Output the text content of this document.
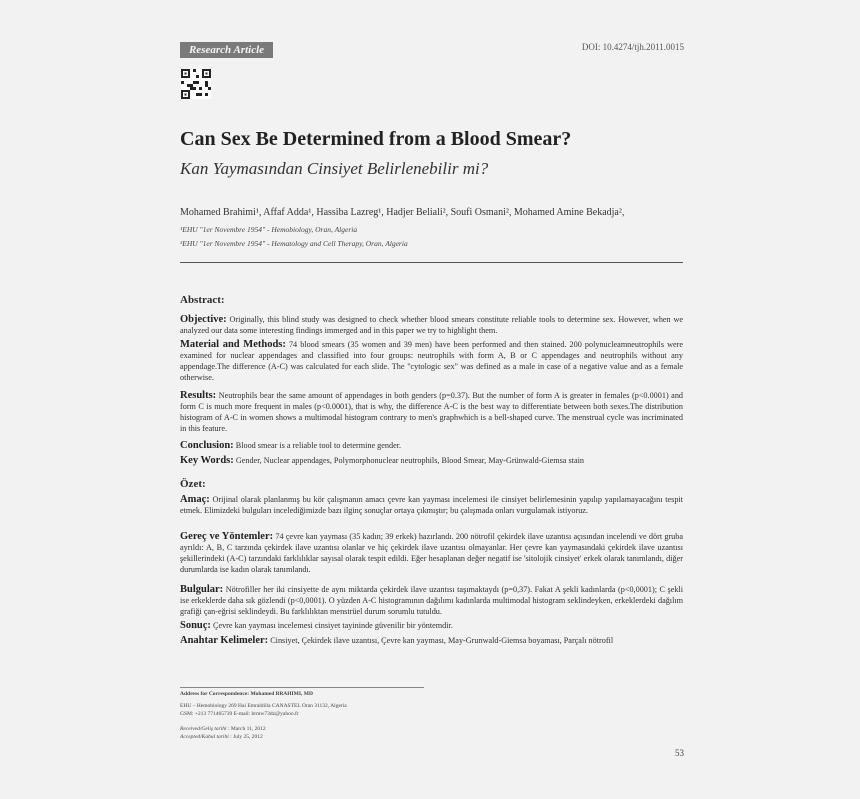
Research Article	DOI: 10.4274/tjh.2011.0015
Can Sex Be Determined from a Blood Smear?
Kan Yaymasından Cinsiyet Belirlenebilir mi?
Mohamed Brahimi¹, Affaf Adda¹, Hassiba Lazreg¹, Hadjer Beliali², Soufi Osmani², Mohamed Amine Bekadja²,
¹EHU "1er Novembre 1954" - Hemobiology, Oran, Algeria
²EHU "1er Novembre 1954" - Hematology and Cell Therapy, Oran, Algeria
Abstract:
Objective: Originally, this blind study was designed to check whether blood smears constitute reliable tools to determine sex. However, when we analyzed our data some interesting findings immerged and in this paper we try to highlight them.
Material and Methods: 74 blood smears (35 women and 39 men) have been performed and then stained. 200 polynucleamneutrophils were examined for nuclear appendages and classified into four groups: neutrophils with form A, B or C appendages and neutrophils without any appendage.The difference (A-C) was calculated for each slide. The "cytologic sex" was defined as a male in case of a negative value and as a female otherwise.
Results: Neutrophils bear the same amount of appendages in both genders (p=0.37). But the number of form A is greater in females (p<0.0001) and form C is much more frequent in males (p<0.0001), that is why, the difference A-C is the best way to differentiate between both sexes.The distribution histogram of A-C in women shows a multimodal histogram contrary to men's graphwhich is a bell-shaped curve. The menstrual cycle was incriminated in this feature.
Conclusion: Blood smear is a reliable tool to determine gender.
Key Words: Gender, Nuclear appendages, Polymorphonuclear neutrophils, Blood Smear, May-Grünwald-Giemsa stain
Özet:
Amaç: Orijinal olarak planlanmış bu kör çalışmanın amacı çevre kan yayması incelemesi ile cinsiyet belirlemesinin yapılıp yapılamayacağını tespit etmek. Elimizdeki bulguları incelediğimizde bazı ilginç sonuçlar ortaya çıkmıştır; bu çalışmada onları vurgulamak istiyoruz.
Gereç ve Yöntemler: 74 çevre kan yayması (35 kadın; 39 erkek) hazırlandı. 200 nötrofil çekirdek ilave uzantısı açısından incelendi ve dört gruba ayrıldı: A, B, C tarzında çekirdek ilave uzantısı olanlar ve hiç çekirdek ilave uzantısı olmayanlar. Her çevre kan yaymasındaki çekirdek ilave uzantısı şekillerindeki (A-C) tarzındaki farklılıklar sayısal olarak tespit edildi. Eğer hesaplanan değer negatif ise 'sitolojik cinsiyet' erkek olarak tanımlandı, diğer durumlarda ise kadın olarak tanımlandı.
Bulgular: Nötrofiller her iki cinsiyette de aynı miktarda çekirdek ilave uzantısı taşımaktaydı (p=0,37). Fakat A şekli kadınlarda (p<0,0001); C şekli ise erkeklerde daha sık gözlendi (p<0,0001). O yüzden A-C histogramının dağılımı kadınlarda multimodal histogram seklindeyken, erkeklerdeki dağılım grafiği çan-eğrisi seklindeydi. Bu farklılıktan menstrüel durum sorumlu tutuldu.
Sonuç: Çevre kan yayması incelemesi cinsiyet tayininde güvenilir bir yöntemdir.
Anahtar Kelimeler: Cinsiyet, Çekirdek ilave uzantısı, Çevre kan yayması, May-Grunwald-Giemsa boyaması, Parçalı nötrofil
Address for Correspondence: Mohamed BRAHIMI, MD
EHU – Hemobiology 269 Hai Emraldiila CANASTEL Oran 31132, Algeria
GSM: +213 771465739 E-mail: brmw73dz@yahoo.fr
Received/Geliş tarihi : March 11, 2012
Accepted/Kabul tarihi : July 25, 2012
53
